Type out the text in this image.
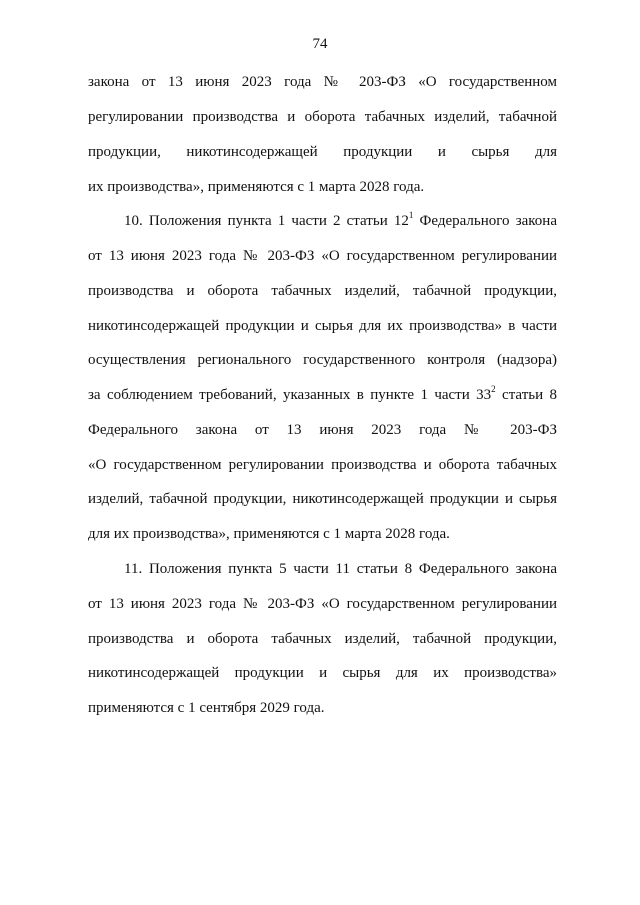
74
закона от 13 июня 2023 года № 203-ФЗ «О государственном
регулировании производства и оборота табачных изделий, табачной
продукции, никотинсодержащей продукции и сырья для
их производства», применяются с 1 марта 2028 года.
10. Положения пункта 1 части 2 статьи $12^1$ Федерального закона
от 13 июня 2023 года № 203-ФЗ «О государственном регулировании
производства и оборота табачных изделий, табачной продукции,
никотинсодержащей продукции и сырья для их производства» в части
осуществления регионального государственного контроля (надзора)
за соблюдением требований, указанных в пункте 1 части $33^2$ статьи 8
Федерального закона от 13 июня 2023 года № 203-ФЗ
«О государственном регулировании производства и оборота табачных
изделий, табачной продукции, никотинсодержащей продукции и сырья
для их производства», применяются с 1 марта 2028 года.
11. Положения пункта 5 части 11 статьи 8 Федерального закона
от 13 июня 2023 года № 203-ФЗ «О государственном регулировании
производства и оборота табачных изделий, табачной продукции,
никотинсодержащей продукции и сырья для их производства»
применяются с 1 сентября 2029 года.
